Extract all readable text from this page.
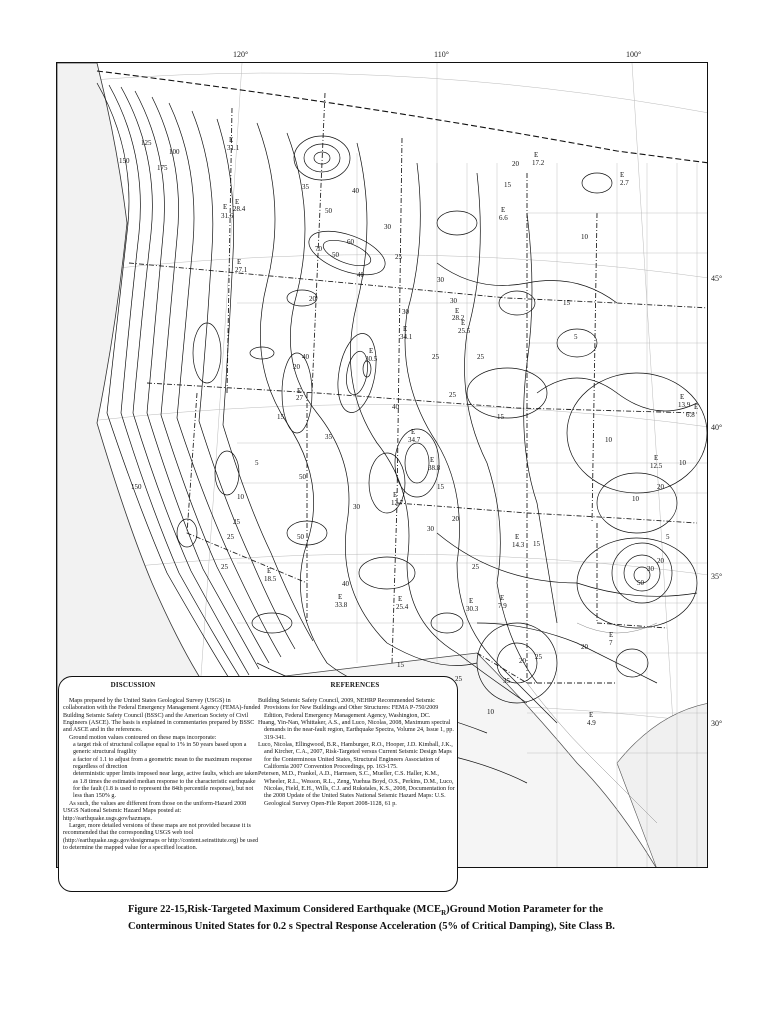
120°	110°	100°
45°
40°
35°
30°
E
31.1
E
28.4
E
31.6
E
27.1
E
6.6
E
17.2
E
2.7
E
25.5
E
28.2
E
34.1
E
27
E
34.7
E
38.8
E
12.7
E
6.8
E
13.9
E
12.5
E
14.3
E
18.5
E
33.8
E
25.4
E
30.3
E
7.9
E
4.9
E
7
E
30.5
125
150
175
100
150
60
50
40
35	40
30
25
20	15
10
5
70
50
30
25
15
20
10
30
40
25
25
15
10
20
10
5
15
20
30
50
40
25
50
30
20
25
30
35
25
15
40
30
20
15
10
5
25
50
20
25	35
20 25
15
10
DISCUSSION	REFERENCES

Maps prepared by the United States Geological Survey (USGS) in collaboration with the Federal Emergency Management Agency (FEMA)-funded Building Seismic Safety Council (BSSC) and the American Society of Civil Engineers (ASCE). The basis is explained in commentaries prepared by BSSC and ASCE and in the references.

Ground motion values contoured on these maps incorporate:

a target risk of structural collapse equal to 1% in 50 years based upon a generic structural fragility

a factor of 1.1 to adjust from a geometric mean to the maximum response regardless of direction

deterministic upper limits imposed near large, active faults, which are taken as 1.8 times the estimated median response to the characteristic earthquake for the fault (1.8 is used to represent the 84th percentile response), but not less than 150% g.

As such, the values are different from those on the uniform-Hazard 2008 USGS National Seismic Hazard Maps posted at: http://earthquake.usgs.gov/hazmaps.

Larger, more detailed versions of these maps are not provided because it is recommended that the corresponding USGS web tool (http://earthquake.usgs.gov/designmaps or http://content.seinstitute.org) be used to determine the mapped value for a specified location.

Building Seismic Safety Council, 2009, NEHRP Recommended Seismic Provisions for New Buildings and Other Structures: FEMA P-750/2009 Edition, Federal Emergency Management Agency, Washington, DC.

Huang, Yin-Nan, Whittaker, A.S., and Luco, Nicolas, 2008, Maximum spectral demands in the near-fault region, Earthquake Spectra, Volume 24, Issue 1, pp. 319-341.

Luco, Nicolas, Ellingwood, B.R., Hamburger, R.O., Hooper, J.D. Kimball, J.K., and Kircher, C.A., 2007, Risk-Targeted versus Current Seismic Design Maps for the Conterminous United States, Structural Engineers Association of California 2007 Convention Proceedings, pp. 163-175.

Petersen, M.D., Frankel, A.D., Harmsen, S.C., Mueller, C.S. Haller, K.M., Wheeler, R.L., Wesson, R.L., Zeng, Yuehua Boyd, O.S., Perkins, D.M., Luco, Nicolas, Field, E.H., Wills, C.J. and Rukstales, K.S., 2008, Documentation for the 2008 Update of the United States National Seismic Hazard Maps: U.S. Geological Survey Open-File Report 2008-1128, 61 p.

Figure 22-15,Risk-Targeted Maximum Considered Earthquake $(MCE_R)Ground$ Motion Parameter for the
Conterminous United States for 0.2 s Spectral Response Acceleration (5% of Critical Damping), Site Class B.
